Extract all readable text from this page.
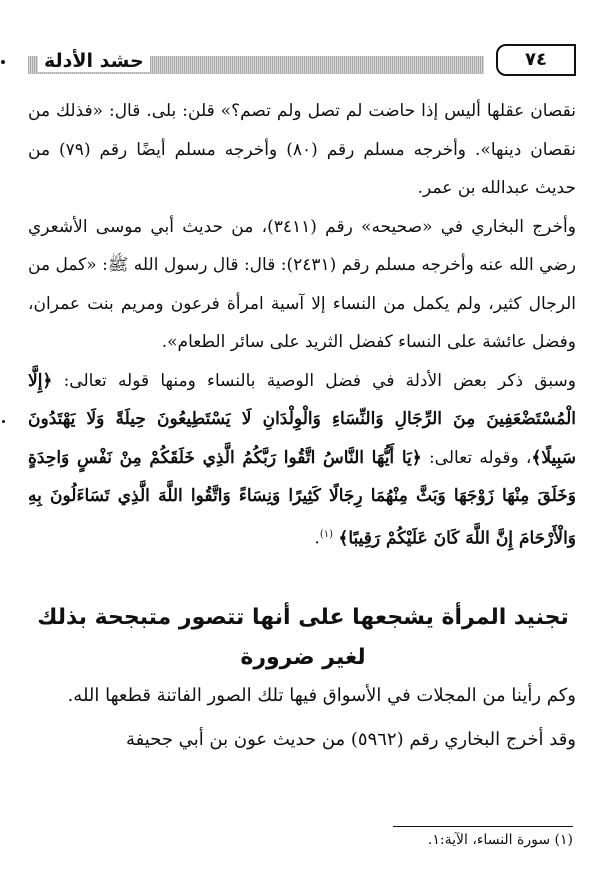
حشد الأدلة	٧٤

نقصان عقلها أليس إذا حاضت لم تصل ولم تصم؟» قلن: بلى. قال: «فذلك من نقصان دينها». وأخرجه مسلم رقم (٨٠) وأخرجه مسلم أيضًا رقم (٧٩) من حديث عبدالله بن عمر.

وأخرج البخاري في «صحيحه» رقم (٣٤١١)، من حديث أبي موسى الأشعري رضي الله عنه وأخرجه مسلم رقم (٢٤٣١): قال: قال رسول الله ﷺ: «كمل من الرجال كثير، ولم يكمل من النساء إلا آسية امرأة فرعون ومريم بنت عمران، وفضل عائشة على النساء كفضل الثريد على سائر الطعام».

وسبق ذكر بعض الأدلة في فضل الوصية بالنساء ومنها قوله تعالى: ﴿إِلَّا الْمُسْتَضْعَفِينَ مِنَ الرِّجَالِ وَالنِّسَاءِ وَالْوِلْدَانِ لَا يَسْتَطِيعُونَ حِيلَةً وَلَا يَهْتَدُونَ سَبِيلًا﴾، وقوله تعالى: ﴿يَا أَيُّهَا النَّاسُ اتَّقُوا رَبَّكُمُ الَّذِي خَلَقَكُمْ مِنْ نَفْسٍ وَاحِدَةٍ وَخَلَقَ مِنْهَا زَوْجَهَا وَبَثَّ مِنْهُمَا رِجَالًا كَثِيرًا وَنِسَاءً وَاتَّقُوا اللَّهَ الَّذِي تَسَاءَلُونَ بِهِ وَالْأَرْحَامَ إِنَّ اللَّهَ كَانَ عَلَيْكُمْ رَقِيبًا﴾ $^{(١)}$.

تجنيد المرأة يشجعها على أنها تتصور متبجحة بذلك لغير ضرورة

وكم رأينا من المجلات في الأسواق فيها تلك الصور الفاتنة قطعها الله.

وقد أخرج البخاري رقم (٥٩٦٢) من حديث عون بن أبي جحيفة

(١) سورة النساء، الآية:١.
